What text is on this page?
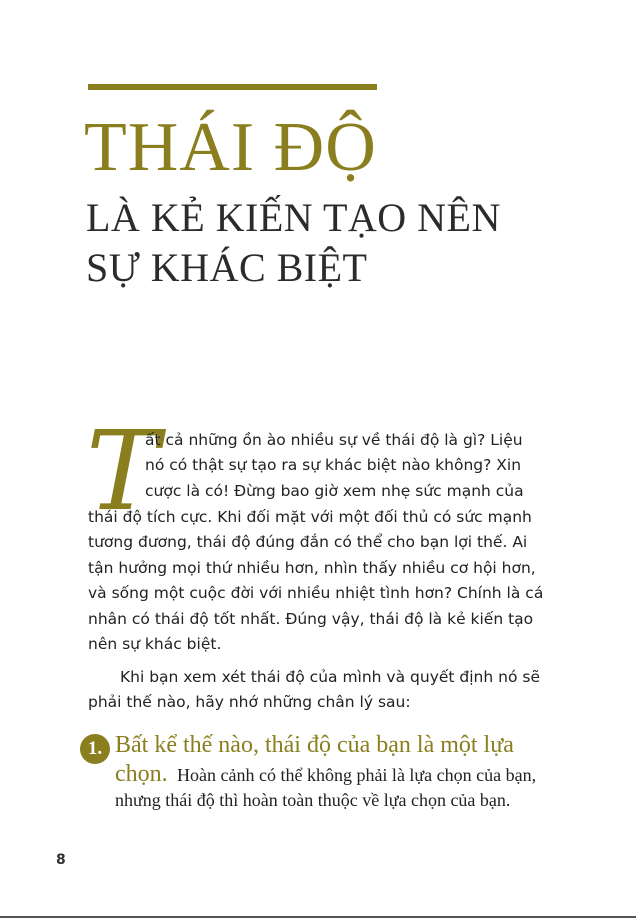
THÁI ĐỘ
LÀ KẺ KIẾN TẠO NÊN
SỰ KHÁC BIỆT
T

ất cả những ồn ào nhiều sự về thái độ là gì? Liệu

nó có thật sự tạo ra sự khác biệt nào không? Xin

cược là có! Đừng bao giờ xem nhẹ sức mạnh của

thái độ tích cực. Khi đối mặt với một đối thủ có sức mạnh

tương đương, thái độ đúng đắn có thể cho bạn lợi thế. Ai

tận hưởng mọi thứ nhiều hơn, nhìn thấy nhiều cơ hội hơn,

và sống một cuộc đời với nhiều nhiệt tình hơn? Chính là cá

nhân có thái độ tốt nhất. Đúng vậy, thái độ là kẻ kiến tạo

nên sự khác biệt.

Khi bạn xem xét thái độ của mình và quyết định nó sẽ

phải thế nào, hãy nhớ những chân lý sau:

1. Bất kể thế nào, thái độ của bạn là một lựa

chọn. Hoàn cảnh có thể không phải là lựa chọn của bạn,

nhưng thái độ thì hoàn toàn thuộc về lựa chọn của bạn.

8
